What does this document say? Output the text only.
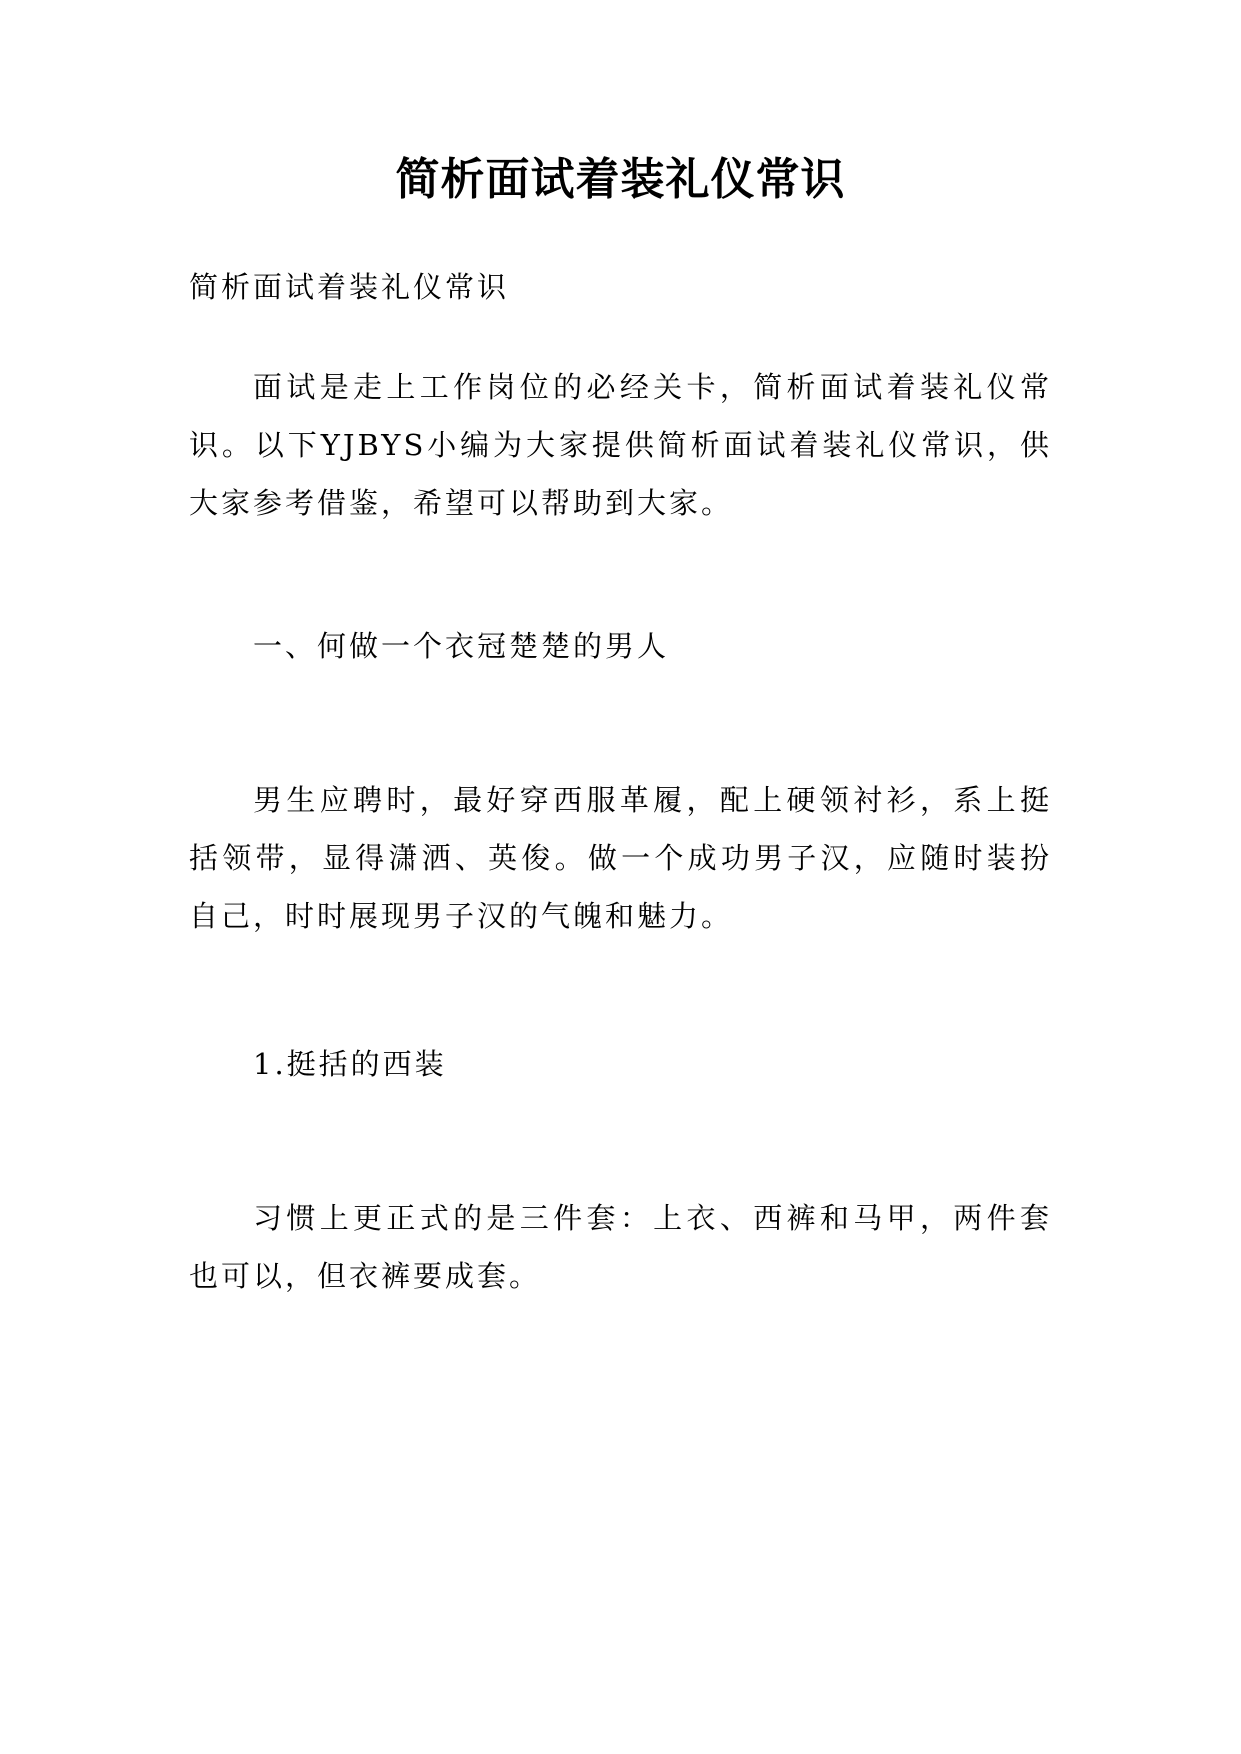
简析面试着装礼仪常识

简析面试着装礼仪常识

面试是走上工作岗位的必经关卡，简析面试着装礼仪常识。以下YJBYS小编为大家提供简析面试着装礼仪常识，供大家参考借鉴，希望可以帮助到大家。

一、何做一个衣冠楚楚的男人

男生应聘时，最好穿西服革履，配上硬领衬衫，系上挺括领带，显得潇洒、英俊。做一个成功男子汉，应随时装扮自己，时时展现男子汉的气魄和魅力。

1.挺括的西装

习惯上更正式的是三件套：上衣、西裤和马甲，两件套也可以，但衣裤要成套。
